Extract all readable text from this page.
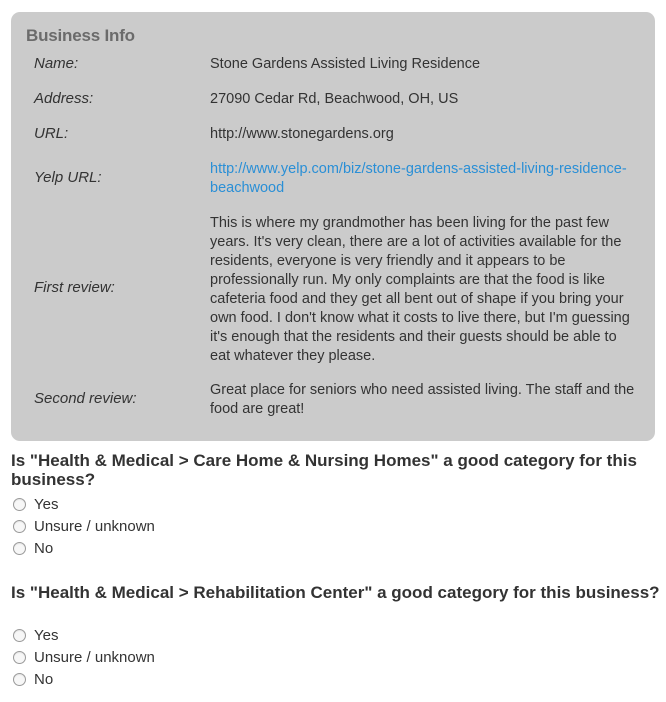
Business Info
Name:	Stone Gardens Assisted Living Residence
Address:	27090 Cedar Rd, Beachwood, OH, US
URL:	http://www.stonegardens.org
Yelp URL:	http://www.yelp.com/biz/stone-gardens-assisted-living-residence-beachwood
First review:
This is where my grandmother has been living for the past few years. It's very clean, there are a lot of activities available for the residents, everyone is very friendly and it appears to be professionally run. My only complaints are that the food is like cafeteria food and they get all bent out of shape if you bring your own food. I don't know what it costs to live there, but I'm guessing it's enough that the residents and their guests should be able to eat whatever they please.
Second review:	Great place for seniors who need assisted living. The staff and the food are great!
Is "Health & Medical > Care Home & Nursing Homes" a good category for this business?
Yes
Unsure / unknown
No
Is "Health & Medical > Rehabilitation Center" a good category for this business?
Yes
Unsure / unknown
No
